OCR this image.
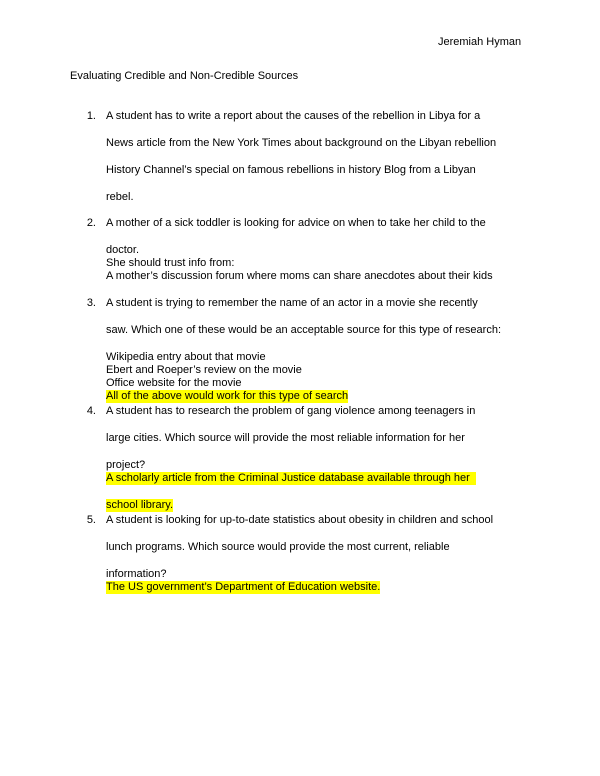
Jeremiah Hyman
Evaluating Credible and Non-Credible Sources
1. A student has to write a report about the causes of the rebellion in Libya for a
News article from the New York Times about background on the Libyan rebellion
History Channel’s special on famous rebellions in history Blog from a Libyan
rebel.
2. A mother of a sick toddler is looking for advice on when to take her child to the
doctor.
She should trust info from:
A mother’s discussion forum where moms can share anecdotes about their kids
3. A student is trying to remember the name of an actor in a movie she recently
saw. Which one of these would be an acceptable source for this type of research:
Wikipedia entry about that movie
Ebert and Roeper’s review on the movie
Office website for the movie
All of the above would work for this type of search
4. A student has to research the problem of gang violence among teenagers in
large cities. Which source will provide the most reliable information for her
project?
A scholarly article from the Criminal Justice database available through her
school library.
5. A student is looking for up-to-date statistics about obesity in children and school
lunch programs. Which source would provide the most current, reliable
information?
The US government’s Department of Education website.
